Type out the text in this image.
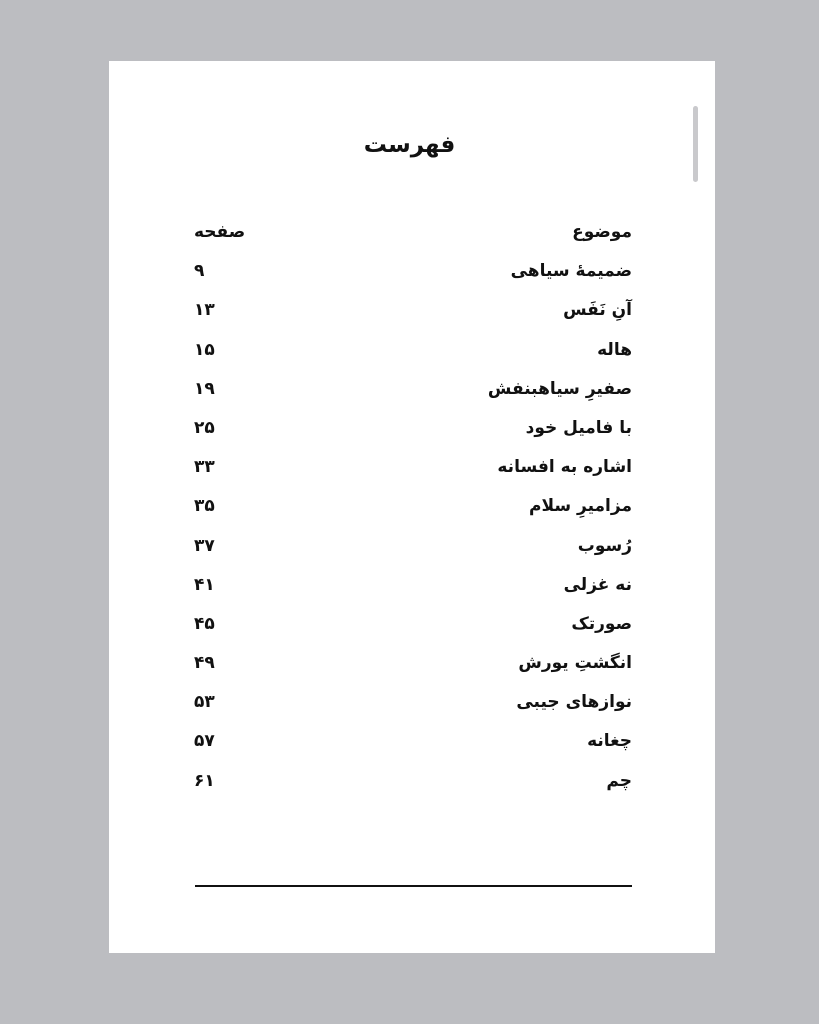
فهرست
موضوع
صفحه
ضمیمهٔ سیاهی
۹
آنِ نَفَس
۱۳
هاله
۱۵
صفیرِ سیاهبنفش
۱۹
با فامیل خود
۲۵
اشاره به افسانه
۳۳
مزامیرِ سلام
۳۵
رُسوب
۳۷
نه غزلی
۴۱
صورتک
۴۵
انگشتِ یورش
۴۹
نوازهای جیبی
۵۳
چغانه
۵۷
چم
۶۱
